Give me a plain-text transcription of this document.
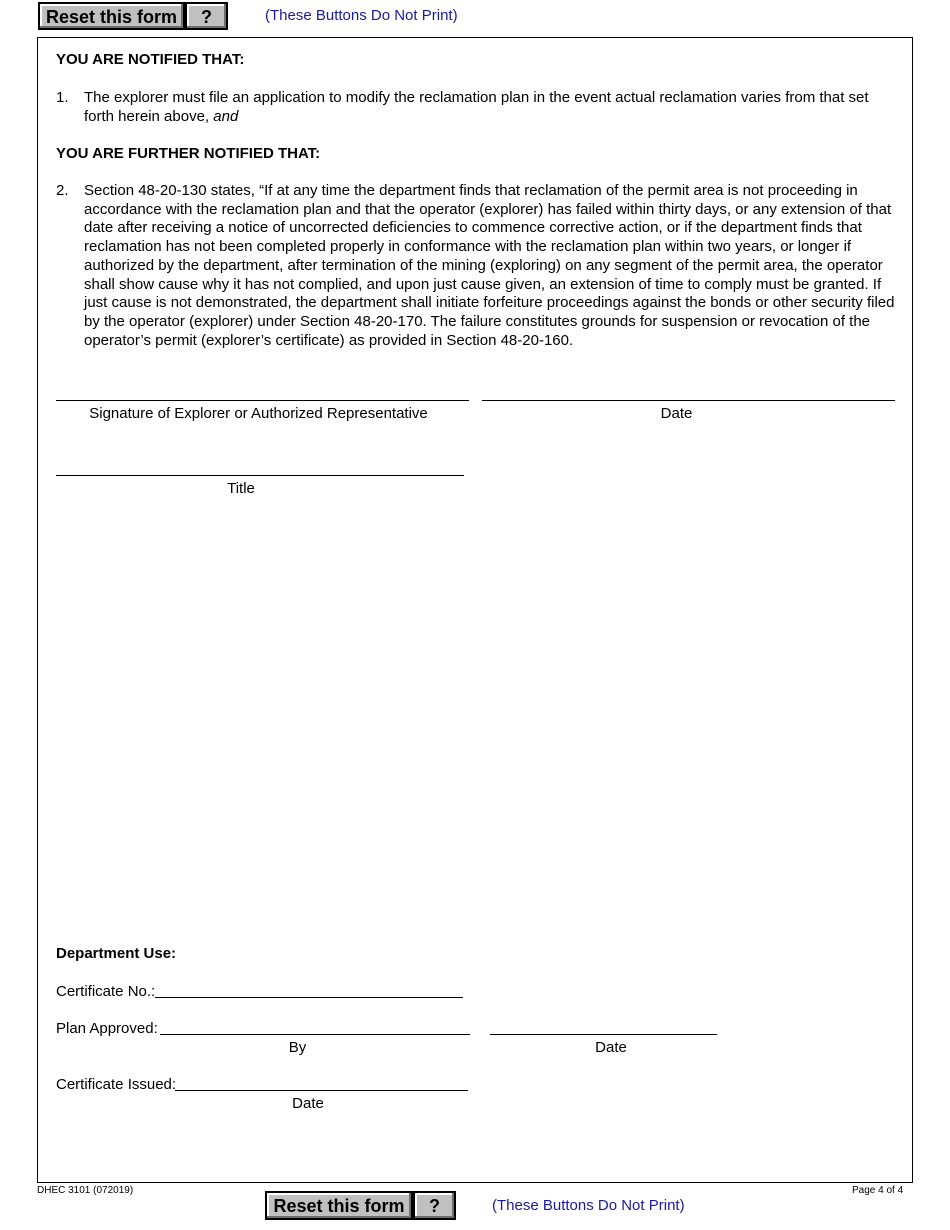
Reset this form	?	(These Buttons Do Not Print)
YOU ARE NOTIFIED THAT:
1. The explorer must file an application to modify the reclamation plan in the event actual reclamation varies from that set forth herein above, and
YOU ARE FURTHER NOTIFIED THAT:
2. Section 48-20-130 states, “If at any time the department finds that reclamation of the permit area is not proceeding in accordance with the reclamation plan and that the operator (explorer) has failed within thirty days, or any extension of that date after receiving a notice of uncorrected deficiencies to commence corrective action, or if the department finds that reclamation has not been completed properly in conformance with the reclamation plan within two years, or longer if authorized by the department, after termination of the mining (exploring) on any segment of the permit area, the operator shall show cause why it has not complied, and upon just cause given, an extension of time to comply must be granted. If just cause is not demonstrated, the department shall initiate forfeiture proceedings against the bonds or other security filed by the operator (explorer) under Section 48-20-170. The failure constitutes grounds for suspension or revocation of the operator’s permit (explorer’s certificate) as provided in Section 48-20-160.
Signature of Explorer or Authorized Representative	Date
Title
Department Use:
Certificate No.:
Plan Approved:
By	Date
Certificate Issued:
Date
DHEC 3101 (072019)	Page 4 of 4
Reset this form	?	(These Buttons Do Not Print)
